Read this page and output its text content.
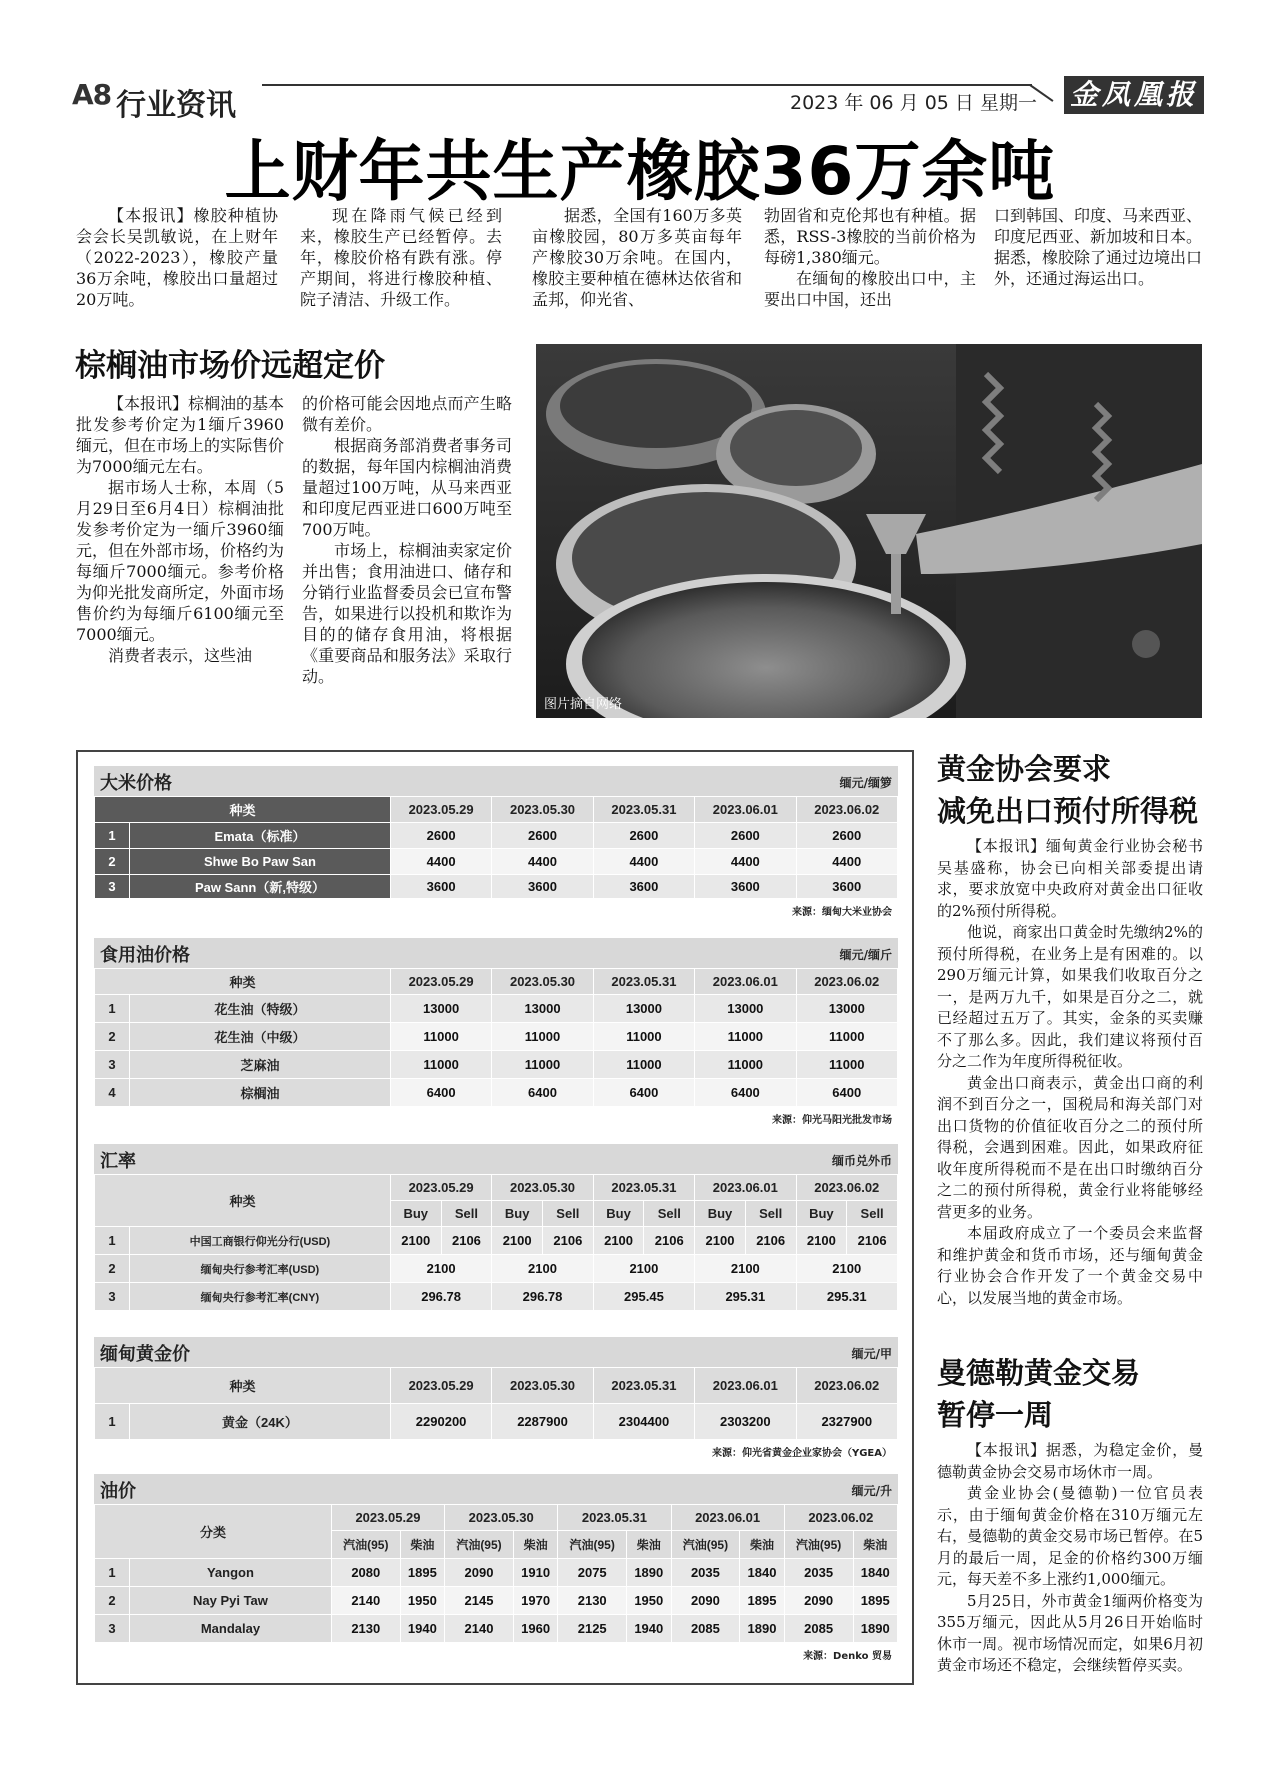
A8 行业资讯	2023 年 06 月 05 日 星期一 金凤凰报
上财年共生产橡胶36万余吨

【本报讯】橡胶种植协会会长吴凯敏说，在上财年（2022-2023），橡胶产量36万余吨，橡胶出口量超过20万吨。

现在降雨气候已经到来，橡胶生产已经暂停。去年，橡胶价格有跌有涨。停产期间，将进行橡胶种植、院子清洁、升级工作。

据悉，全国有160万多英亩橡胶园，80万多英亩每年产橡胶30万余吨。在国内，橡胶主要种植在德林达依省和孟邦，仰光省、

勃固省和克伦邦也有种植。据悉，RSS-3橡胶的当前价格为每磅1,380缅元。

在缅甸的橡胶出口中，主要出口中国，还出

口到韩国、印度、马来西亚、印度尼西亚、新加坡和日本。据悉，橡胶除了通过边境出口外，还通过海运出口。

棕榈油市场价远超定价

【本报讯】棕榈油的基本批发参考价定为1缅斤3960缅元，但在市场上的实际售价为7000缅元左右。

据市场人士称，本周（5月29日至6月4日）棕榈油批发参考价定为一缅斤3960缅元，但在外部市场，价格约为每缅斤7000缅元。参考价格为仰光批发商所定，外面市场售价约为每缅斤6100缅元至7000缅元。

消费者表示，这些油

的价格可能会因地点而产生略微有差价。

根据商务部消费者事务司的数据，每年国内棕榈油消费量超过100万吨，从马来西亚和印度尼西亚进口600万吨至700万吨。

市场上，棕榈油卖家定价并出售；食用油进口、储存和分销行业监督委员会已宣布警告，如果进行以投机和欺诈为目的的储存食用油，将根据《重要商品和服务法》采取行动。

图片摘自网络
大米价格	缅元/缅箩
种类		2023.05.29	2023.05.30	2023.05.31	2023.06.01	2023.06.02
1	Emata（标准）	2600	2600	2600	2600	2600
2	Shwe Bo Paw San	4400	4400	4400	4400	4400
3	Paw Sann（新,特级）	3600	3600	3600	3600	3600
来源：缅甸大米业协会
食用油价格	缅元/缅斤
种类		2023.05.29	2023.05.30	2023.05.31	2023.06.01	2023.06.02
1	花生油（特级）	13000	13000	13000	13000	13000
2	花生油（中级）	11000	11000	11000	11000	11000
3	芝麻油	11000	11000	11000	11000	11000
4	棕榈油	6400	6400	6400	6400	6400
来源：仰光马阳光批发市场
汇率	缅币兑外币
种类		2023.05.29		2023.05.30		2023.05.31		2023.06.01		2023.06.02	
		Buy	Sell	Buy	Sell	Buy	Sell	Buy	Sell	Buy	Sell
1	中国工商银行仰光分行(USD)	2100	2106	2100	2106	2100	2106	2100	2106	2100	2106
2	缅甸央行参考汇率(USD)	2100		2100		2100		2100		2100	
3	缅甸央行参考汇率(CNY)	296.78		296.78		295.45		295.31		295.31	
缅甸黄金价	缅元/甲
种类		2023.05.29	2023.05.30	2023.05.31	2023.06.01	2023.06.02
1	黄金（24K）	2290200	2287900	2304400	2303200	2327900
来源：仰光省黄金企业家协会（YGEA）
油价	缅元/升
分类		2023.05.29		2023.05.30		2023.05.31		2023.06.01		2023.06.02	
		汽油(95)	柴油	汽油(95)	柴油	汽油(95)	柴油	汽油(95)	柴油	汽油(95)	柴油
1	Yangon	2080	1895	2090	1910	2075	1890	2035	1840	2035	1840
2	Nay Pyi Taw	2140	1950	2145	1970	2130	1950	2090	1895	2090	1895
3	Mandalay	2130	1940	2140	1960	2125	1940	2085	1890	2085	1890
来源：Denko 贸易
黄金协会要求
减免出口预付所得税

【本报讯】缅甸黄金行业协会秘书吴基盛称，协会已向相关部委提出请求，要求放宽中央政府对黄金出口征收的2%预付所得税。

他说，商家出口黄金时先缴纳2%的预付所得税，在业务上是有困难的。以290万缅元计算，如果我们收取百分之一，是两万九千，如果是百分之二，就已经超过五万了。其实，金条的买卖赚不了那么多。因此，我们建议将预付百分之二作为年度所得税征收。

黄金出口商表示，黄金出口商的利润不到百分之一，国税局和海关部门对出口货物的价值征收百分之二的预付所得税，会遇到困难。因此，如果政府征收年度所得税而不是在出口时缴纳百分之二的预付所得税，黄金行业将能够经营更多的业务。

本届政府成立了一个委员会来监督和维护黄金和货币市场，还与缅甸黄金行业协会合作开发了一个黄金交易中心，以发展当地的黄金市场。

曼德勒黄金交易
暂停一周

【本报讯】据悉，为稳定金价，曼德勒黄金协会交易市场休市一周。

黄金业协会(曼德勒)一位官员表示，由于缅甸黄金价格在310万缅元左右，曼德勒的黄金交易市场已暂停。在5月的最后一周，足金的价格约300万缅元，每天差不多上涨约1,000缅元。

5月25日，外市黄金1缅两价格变为355万缅元，因此从5月26日开始临时休市一周。视市场情况而定，如果6月初黄金市场还不稳定，会继续暂停买卖。
